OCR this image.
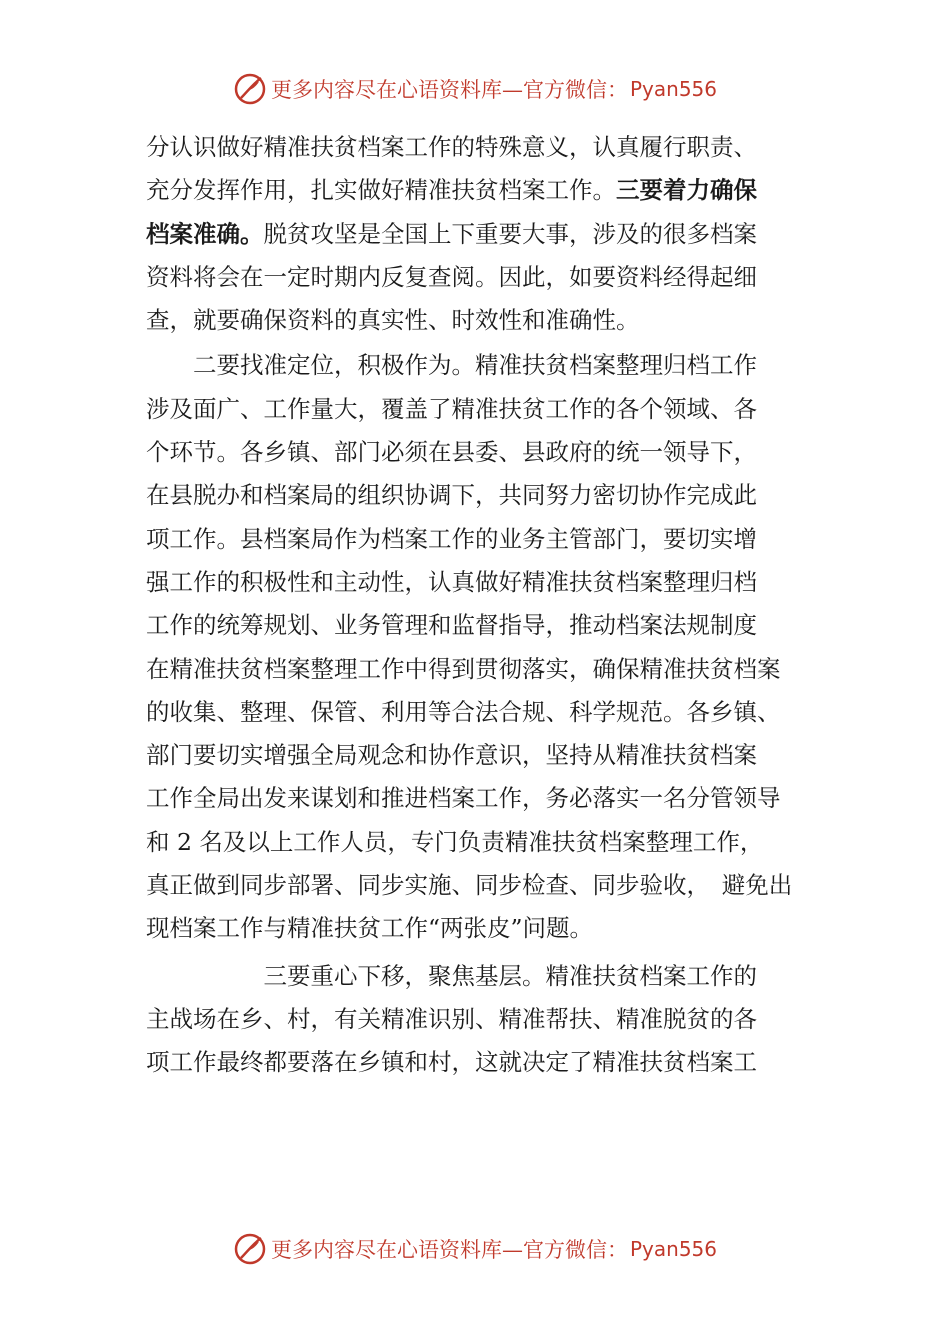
更多内容尽在心语资料库—官方微信： Pyan556
分认识做好精准扶贫档案工作的特殊意义，认真履行职责、
充分发挥作用，扎实做好精准扶贫档案工作。三要着力确保
档案准确。脱贫攻坚是全国上下重要大事，涉及的很多档案
资料将会在一定时期内反复查阅。因此，如要资料经得起细
查，就要确保资料的真实性、时效性和准确性。
　　二要找准定位，积极作为。精准扶贫档案整理归档工作
涉及面广、工作量大，覆盖了精准扶贫工作的各个领域、各
个环节。各乡镇、部门必须在县委、县政府的统一领导下，
在县脱办和档案局的组织协调下，共同努力密切协作完成此
项工作。县档案局作为档案工作的业务主管部门，要切实增
强工作的积极性和主动性，认真做好精准扶贫档案整理归档
工作的统筹规划、业务管理和监督指导，推动档案法规制度
在精准扶贫档案整理工作中得到贯彻落实，确保精准扶贫档案
的收集、整理、保管、利用等合法合规、科学规范。各乡镇、
部门要切实增强全局观念和协作意识，坚持从精准扶贫档案
工作全局出发来谋划和推进档案工作，务必落实一名分管领导
和 2 名及以上工作人员，专门负责精准扶贫档案整理工作，
真正做到同步部署、同步实施、同步检查、同步验收，　避免出
现档案工作与精准扶贫工作“两张皮”问题。
　　　　　三要重心下移，聚焦基层。精准扶贫档案工作的
主战场在乡、村，有关精准识别、精准帮扶、精准脱贫的各
项工作最终都要落在乡镇和村，这就决定了精准扶贫档案工
更多内容尽在心语资料库—官方微信： Pyan556
